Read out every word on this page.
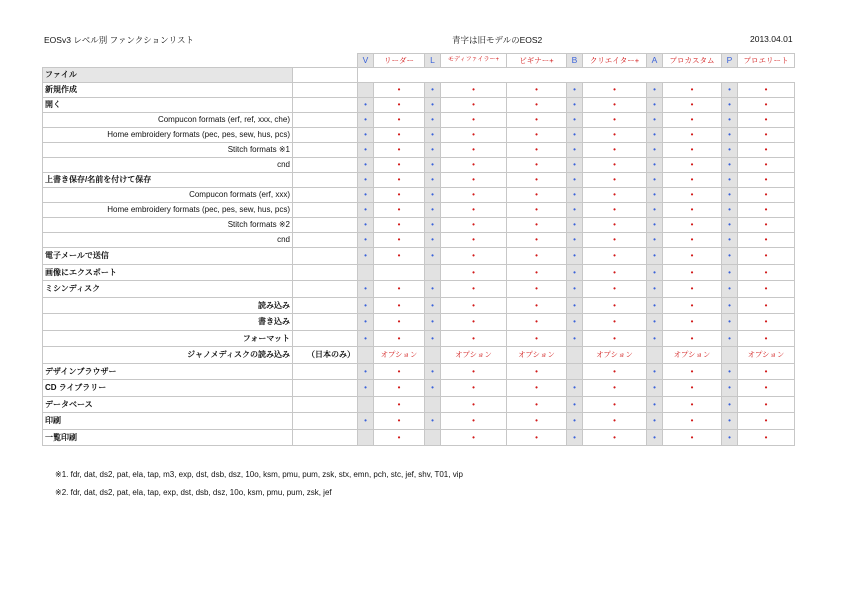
EOSv3 レベル別 ファンクションリスト	青字は旧モデルのEOS2	2013.04.01
		V	リーダー	L	モディファイラー+	ビギナー+	B	クリエイター+	A	プロカスタム	P	プロエリート
ファイル												
新規作成			•	•	•	•	•	•	•	•	•	•
開く		•	•	•	•	•	•	•	•	•	•	•
Compucon formats (erf, ref, xxx, che)		•	•	•	•	•	•	•	•	•	•	•
Home embroidery formats (pec, pes, sew, hus, pcs)		•	•	•	•	•	•	•	•	•	•	•
Stitch formats ※1		•	•	•	•	•	•	•	•	•	•	•
cnd		•	•	•	•	•	•	•	•	•	•	•
上書き保存/名前を付けて保存		•	•	•	•	•	•	•	•	•	•	•
Compucon formats (erf, xxx)		•	•	•	•	•	•	•	•	•	•	•
Home embroidery formats (pec, pes, sew, hus, pcs)		•	•	•	•	•	•	•	•	•	•	•
Stitch formats ※2		•	•	•	•	•	•	•	•	•	•	•
cnd		•	•	•	•	•	•	•	•	•	•	•
電子メールで送信		•	•	•	•	•	•	•	•	•	•	•
画像にエクスポート					•	•	•	•	•	•	•	•
ミシンディスク		•	•	•	•	•	•	•	•	•	•	•
読み込み		•	•	•	•	•	•	•	•	•	•	•
書き込み		•	•	•	•	•	•	•	•	•	•	•
フォーマット		•	•	•	•	•	•	•	•	•	•	•
ジャノメディスクの読み込み	（日本のみ）		オプション		オプション	オプション		オプション		オプション		オプション
デザインブラウザー		•	•	•	•	•		•	•	•	•	•
CD ライブラリー		•	•	•	•	•	•	•	•	•	•	•
データベース			•		•	•	•	•	•	•	•	•
印刷		•	•	•	•	•	•	•	•	•	•	•
一覧印刷			•		•	•	•	•	•	•	•	•
※1. fdr, dat, ds2, pat, ela, tap, m3, exp, dst, dsb, dsz, 10o, ksm, pmu, pum, zsk, stx, emn, pch, stc, jef, shv, T01, vip
※2. fdr, dat, ds2, pat, ela, tap, exp, dst, dsb, dsz, 10o, ksm, pmu, pum, zsk, jef
